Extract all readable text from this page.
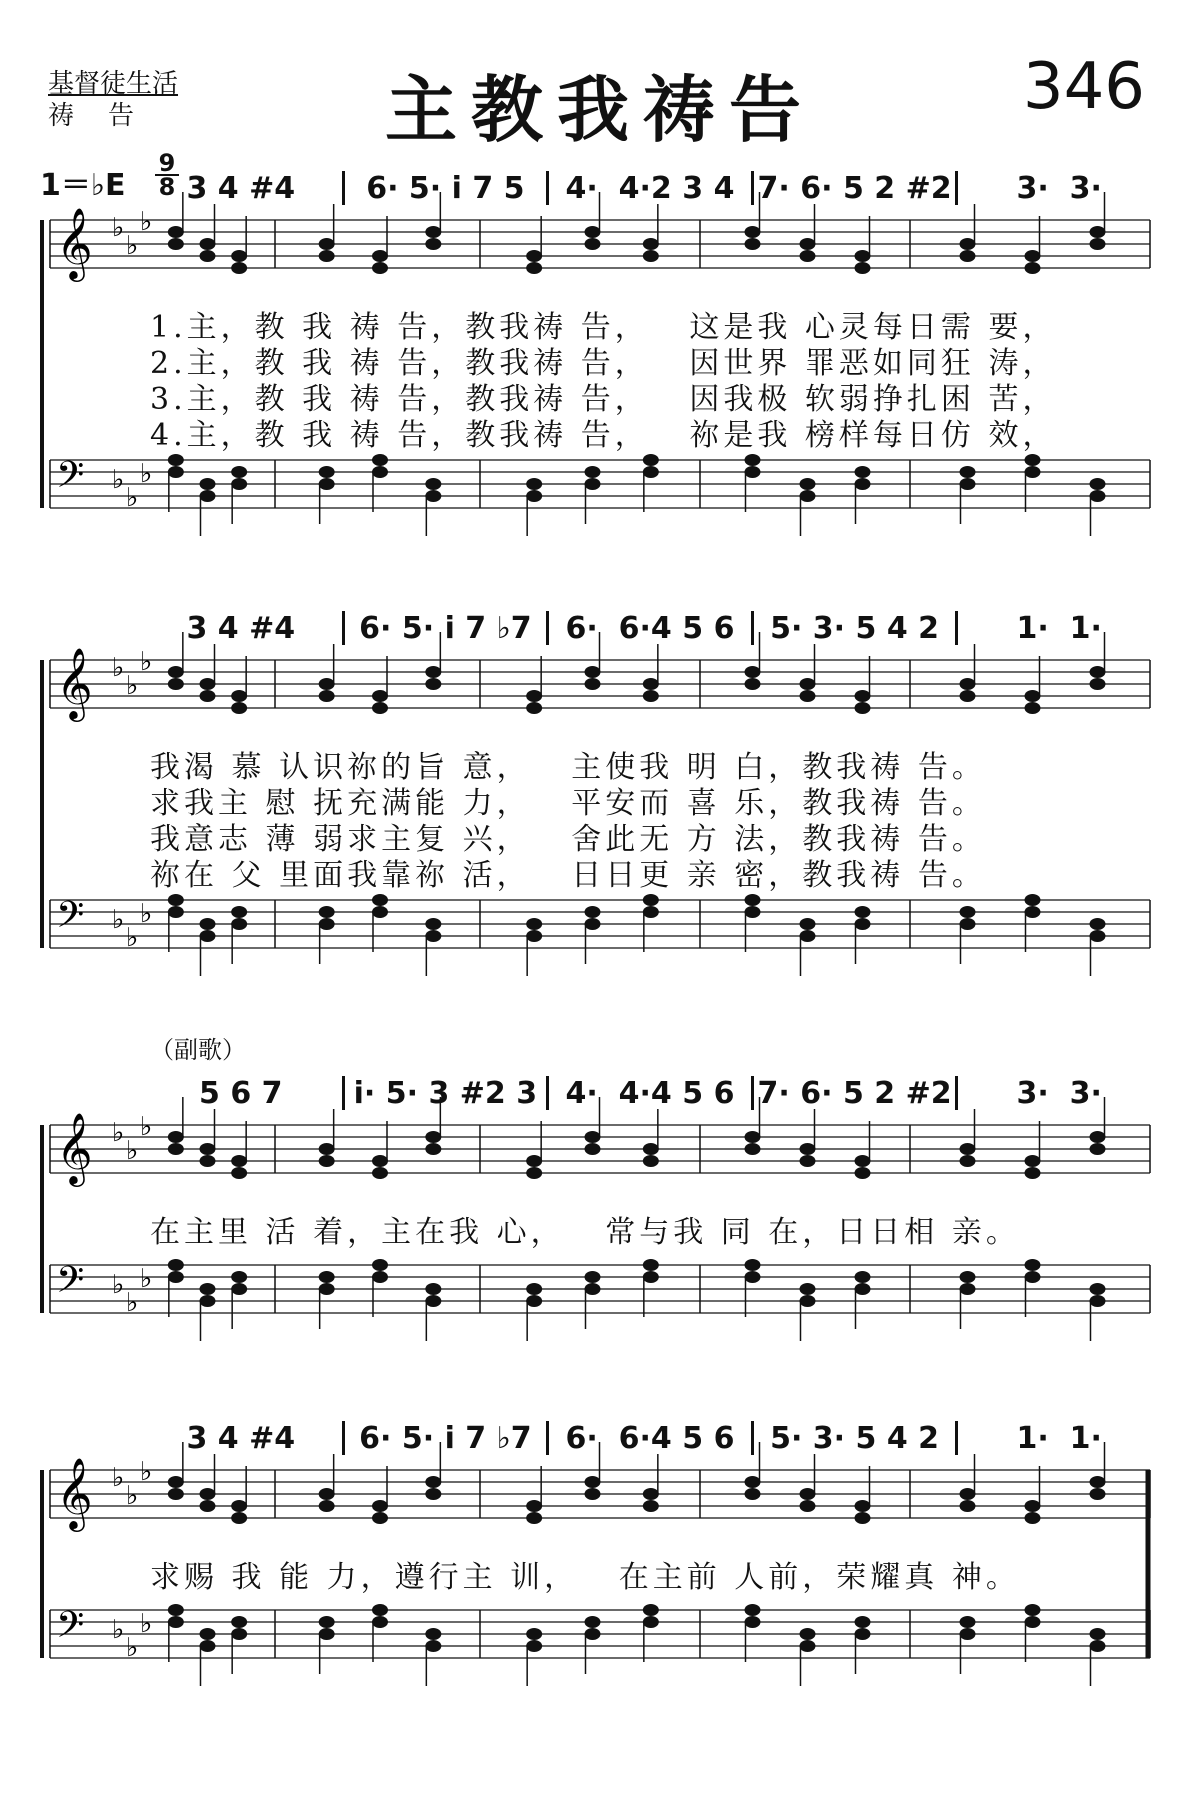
基督徒生活
祷告	主教我祷告	346
1＝♭E
9
8
𝄞
𝄢
♭
♭
♭
♭
♭
♭
3 4 #4	6· 5· i 7 5	4·  4·2 3 4 7· 6· 5 2 #2	3·  3·
1.主，教 我 祷 告，教我祷 告，   这是我 心灵每日需 要，
2.主，教 我 祷 告，教我祷 告，   因世界 罪恶如同狂 涛，
3.主，教 我 祷 告，教我祷 告，   因我极 软弱挣扎困 苦，
4.主，教 我 祷 告，教我祷 告，   祢是我 榜样每日仿 效，
𝄞
𝄢
♭
♭
♭
♭
♭
♭
3 4 #4	6· 5· i 7 ♭7	6·  6·4 5 6	5· 3· 5 4 2	1·  1·
我渴 慕 认识祢的旨 意，   主使我 明 白，教我祷 告。
求我主 慰 抚充满能 力，   平安而 喜 乐，教我祷 告。
我意志 薄 弱求主复 兴，   舍此无 方 法，教我祷 告。
祢在 父 里面我靠祢 活，   日日更 亲 密，教我祷 告。
（副歌）
𝄞
𝄢
♭
♭
♭
♭
♭
♭
5 6 7	i· 5· 3 #2 3 4·  4·4 5 6 7· 6· 5 2 #2	3·  3·
在主里 活 着，主在我 心，   常与我 同 在，日日相 亲。
𝄞
𝄢
♭
♭
♭
♭
♭
♭
3 4 #4	6· 5· i 7 ♭7	6·  6·4 5 6	5· 3· 5 4 2	1·  1·
求赐 我 能 力，遵行主 训，   在主前 人前，荣耀真 神。
